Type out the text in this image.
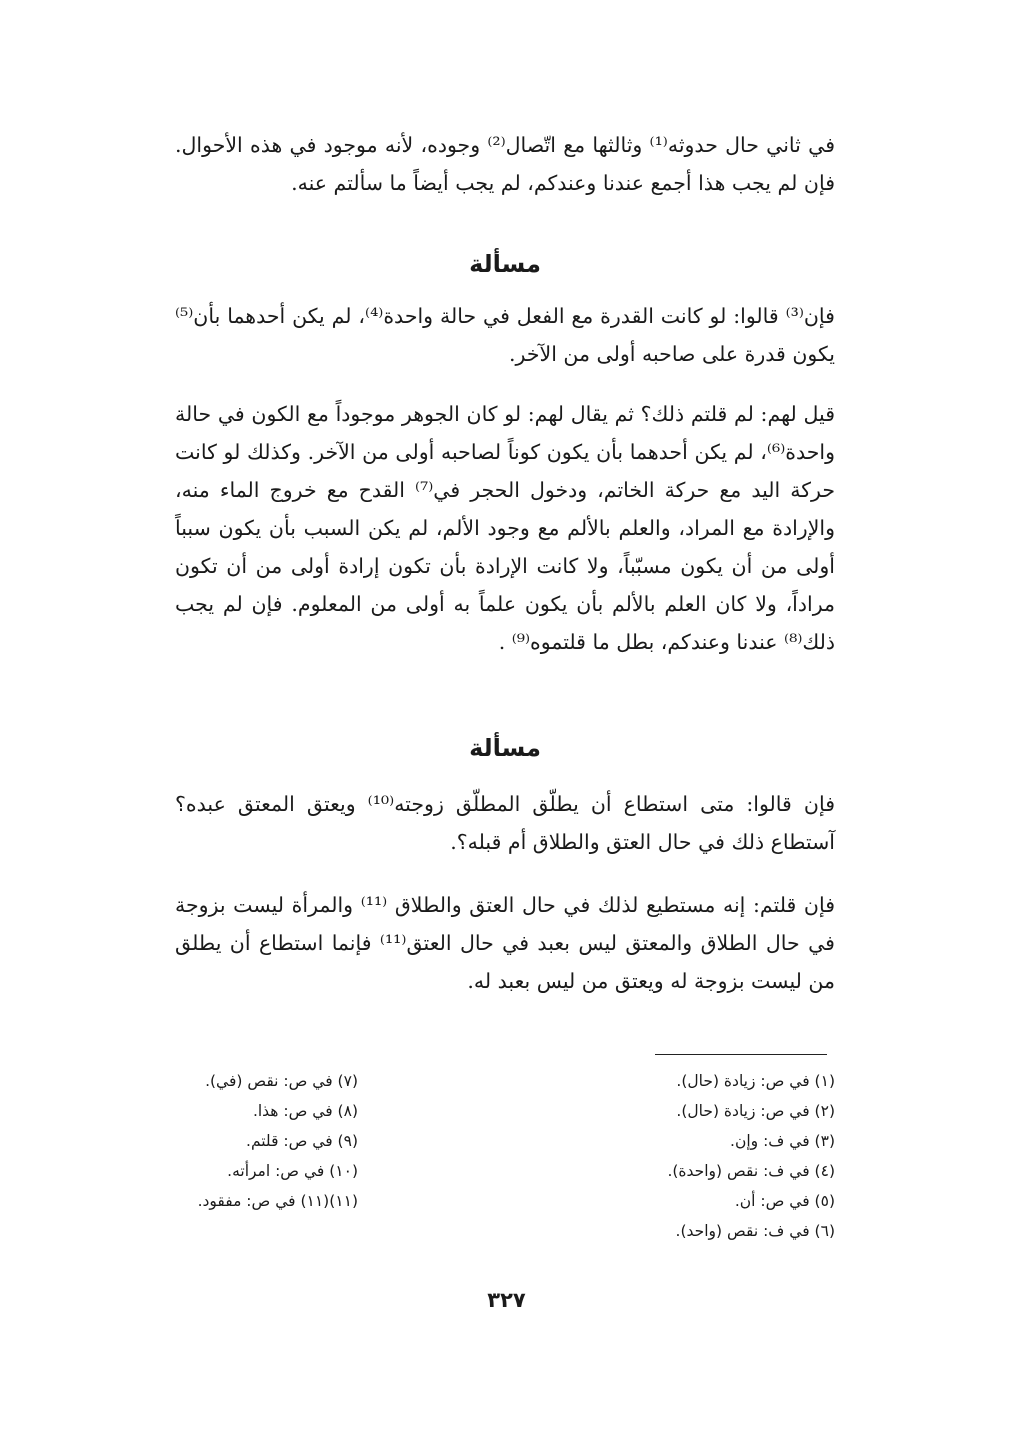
في ثاني حال حدوثه⁽¹⁾ وثالثها مع اتّصال⁽²⁾ وجوده، لأنه موجود في هذه الأحوال. فإن لم يجب هذا أجمع عندنا وعندكم، لم يجب أيضاً ما سألتم عنه.

مسألة

فإن⁽³⁾ قالوا: لو كانت القدرة مع الفعل في حالة واحدة⁽⁴⁾، لم يكن أحدهما بأن⁽⁵⁾ يكون قدرة على صاحبه أولى من الآخر.

قيل لهم: لم قلتم ذلك؟ ثم يقال لهم: لو كان الجوهر موجوداً مع الكون في حالة واحدة⁽⁶⁾، لم يكن أحدهما بأن يكون كوناً لصاحبه أولى من الآخر. وكذلك لو كانت حركة اليد مع حركة الخاتم، ودخول الحجر في⁽⁷⁾ القدح مع خروج الماء منه، والإرادة مع المراد، والعلم بالألم مع وجود الألم، لم يكن السبب بأن يكون سبباً أولى من أن يكون مسبّباً، ولا كانت الإرادة بأن تكون إرادة أولى من أن تكون مراداً، ولا كان العلم بالألم بأن يكون علماً به أولى من المعلوم. فإن لم يجب ذلك⁽⁸⁾ عندنا وعندكم، بطل ما قلتموه⁽⁹⁾ .

مسألة

فإن قالوا: متى استطاع أن يطلّق المطلّق زوجته⁽¹⁰⁾ ويعتق المعتق عبده؟ آستطاع ذلك في حال العتق والطلاق أم قبله؟.

فإن قلتم: إنه مستطيع لذلك في حال العتق والطلاق ⁽¹¹⁾ والمرأة ليست بزوجة في حال الطلاق والمعتق ليس بعبد في حال العتق⁽¹¹⁾ فإنما استطاع أن يطلق من ليست بزوجة له ويعتق من ليس بعبد له.

(١) في ص: زيادة (حال).

(٢) في ص: زيادة (حال).

(٣) في ف: وإن.

(٤) في ف: نقص (واحدة).

(٥) في ص: أن.

(٦) في ف: نقص (واحد).

(٧) في ص: نقص (في).

(٨) في ص: هذا.

(٩) في ص: قلتم.

(١٠) في ص: امرأته.

(١١)(١١) في ص: مفقود.

٣٢٧
